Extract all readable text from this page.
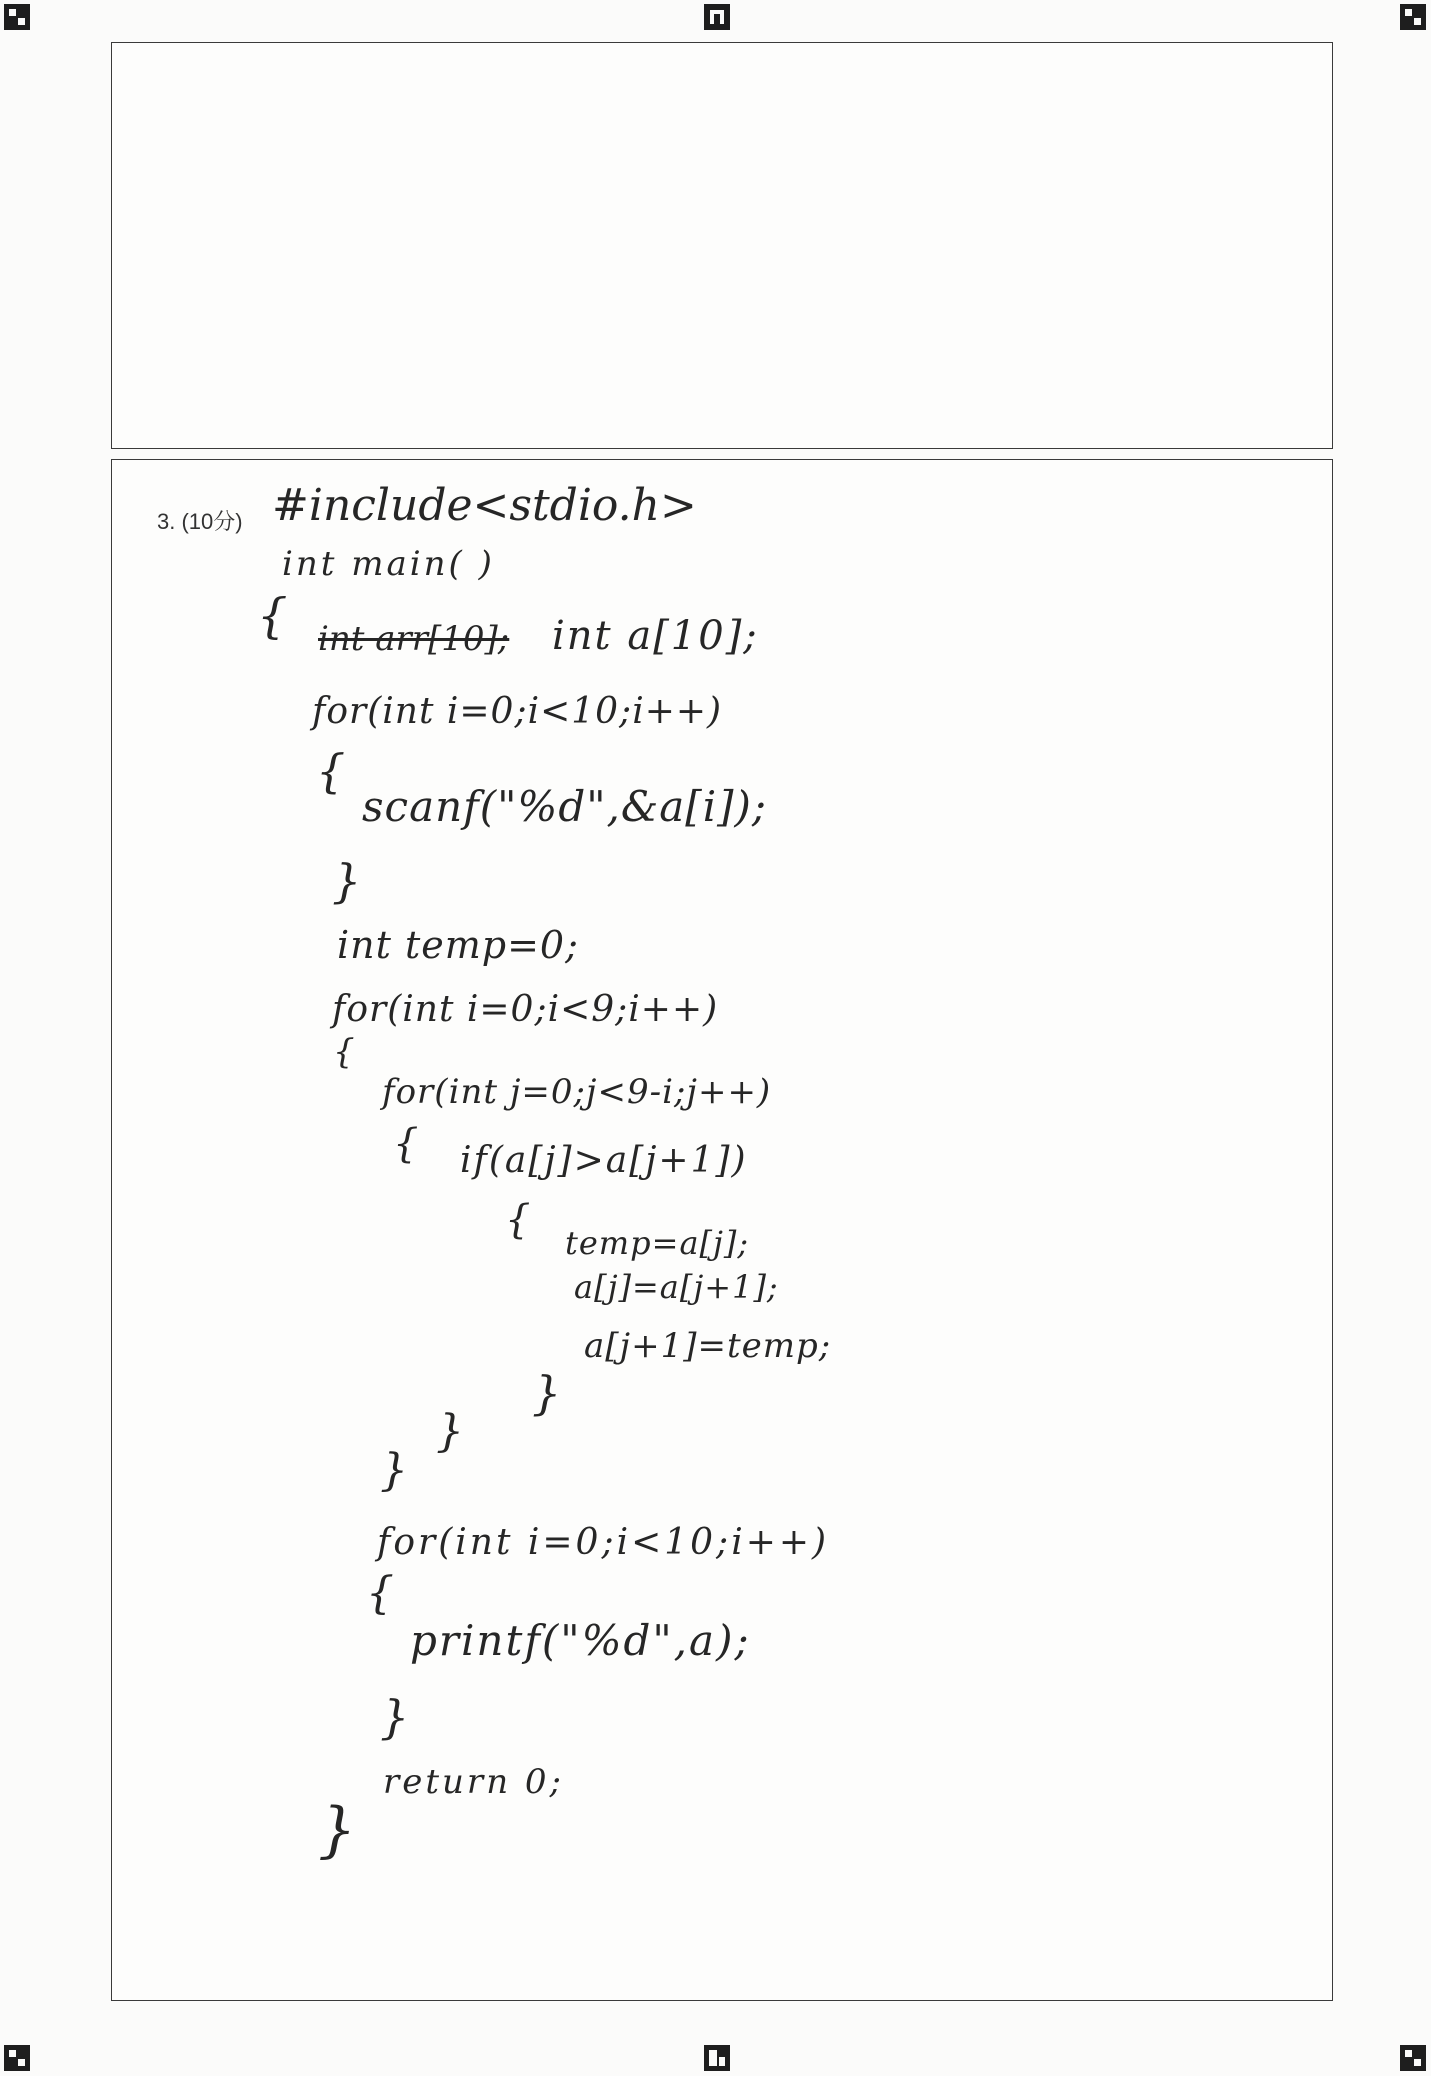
3. (10分) #include<stdio.h>
int main( )
{ int arr[10]; int a[10];
for(int i=0;i<10;i++)
{
scanf("%d",&a[i]);
}
int temp=0;
for(int i=0;i<9;i++)
{
for(int j=0;j<9-i;j++)
{ if(a[j]>a[j+1])
{ temp=a[j];
a[j]=a[j+1];
a[j+1]=temp;
}
}
}
for(int i=0;i<10;i++)
{
printf("%d",a);
}
return 0;
}
